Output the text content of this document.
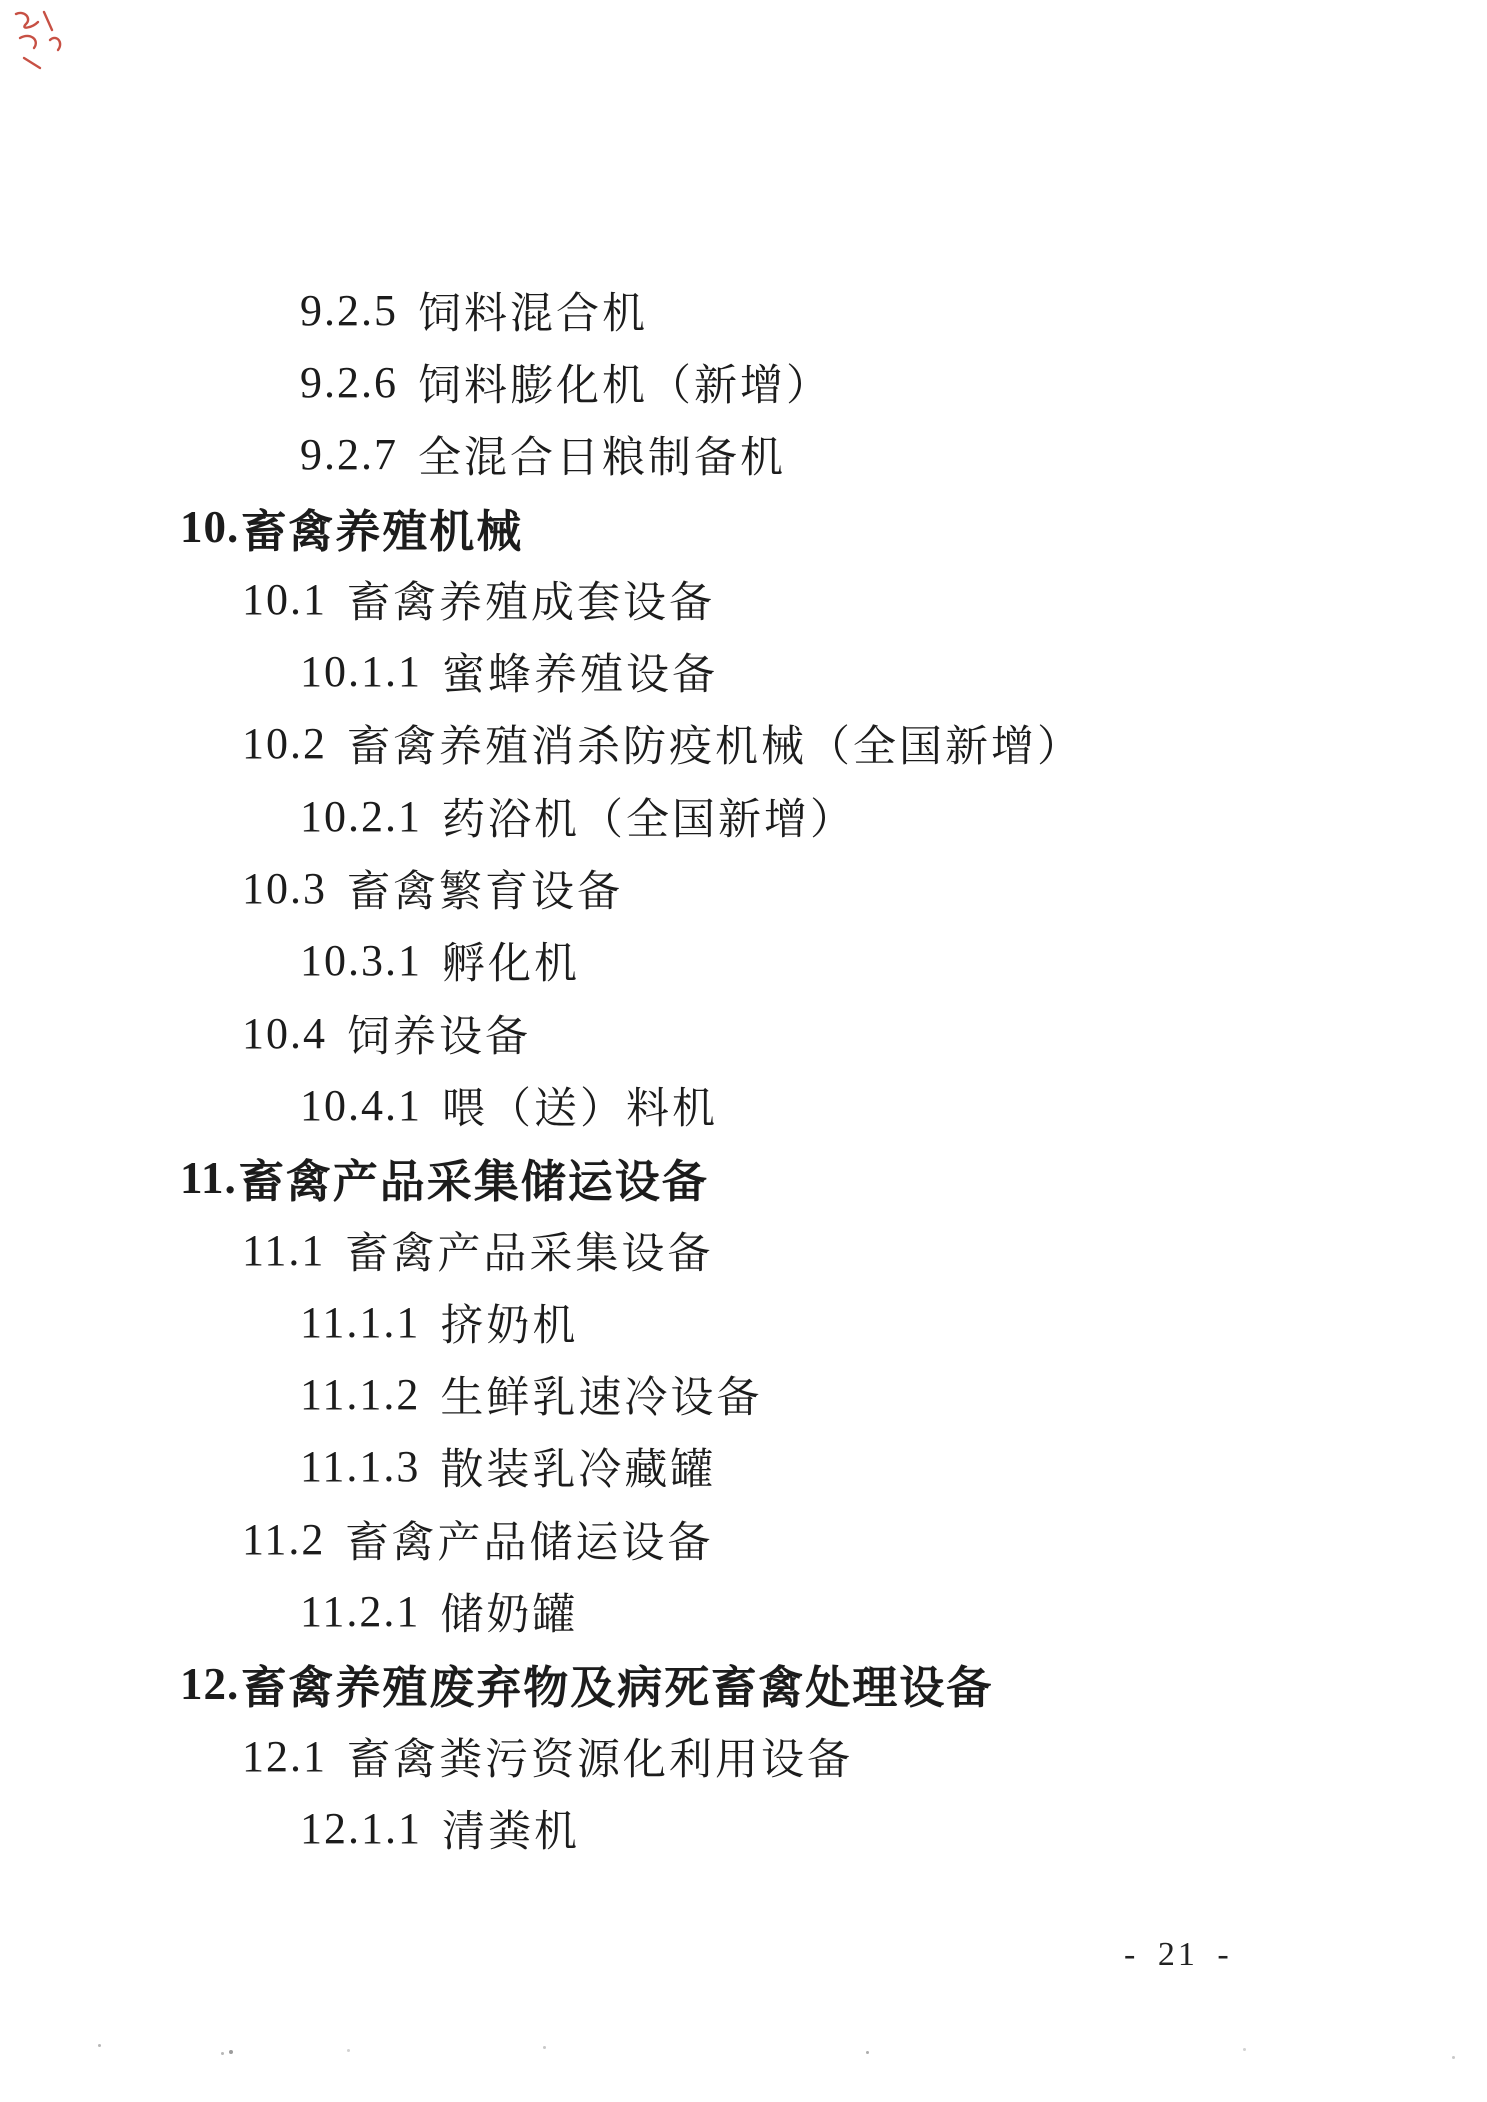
9.2.5 饲料混合机
9.2.6 饲料膨化机（新增）
9.2.7 全混合日粮制备机
10. 畜禽养殖机械
10.1 畜禽养殖成套设备
10.1.1 蜜蜂养殖设备
10.2 畜禽养殖消杀防疫机械（全国新增）
10.2.1 药浴机（全国新增）
10.3 畜禽繁育设备
10.3.1 孵化机
10.4 饲养设备
10.4.1 喂（送）料机
11. 畜禽产品采集储运设备
11.1 畜禽产品采集设备
11.1.1 挤奶机
11.1.2 生鲜乳速冷设备
11.1.3 散装乳冷藏罐
11.2 畜禽产品储运设备
11.2.1 储奶罐
12. 畜禽养殖废弃物及病死畜禽处理设备
12.1 畜禽粪污资源化利用设备
12.1.1 清粪机
- 21 -
